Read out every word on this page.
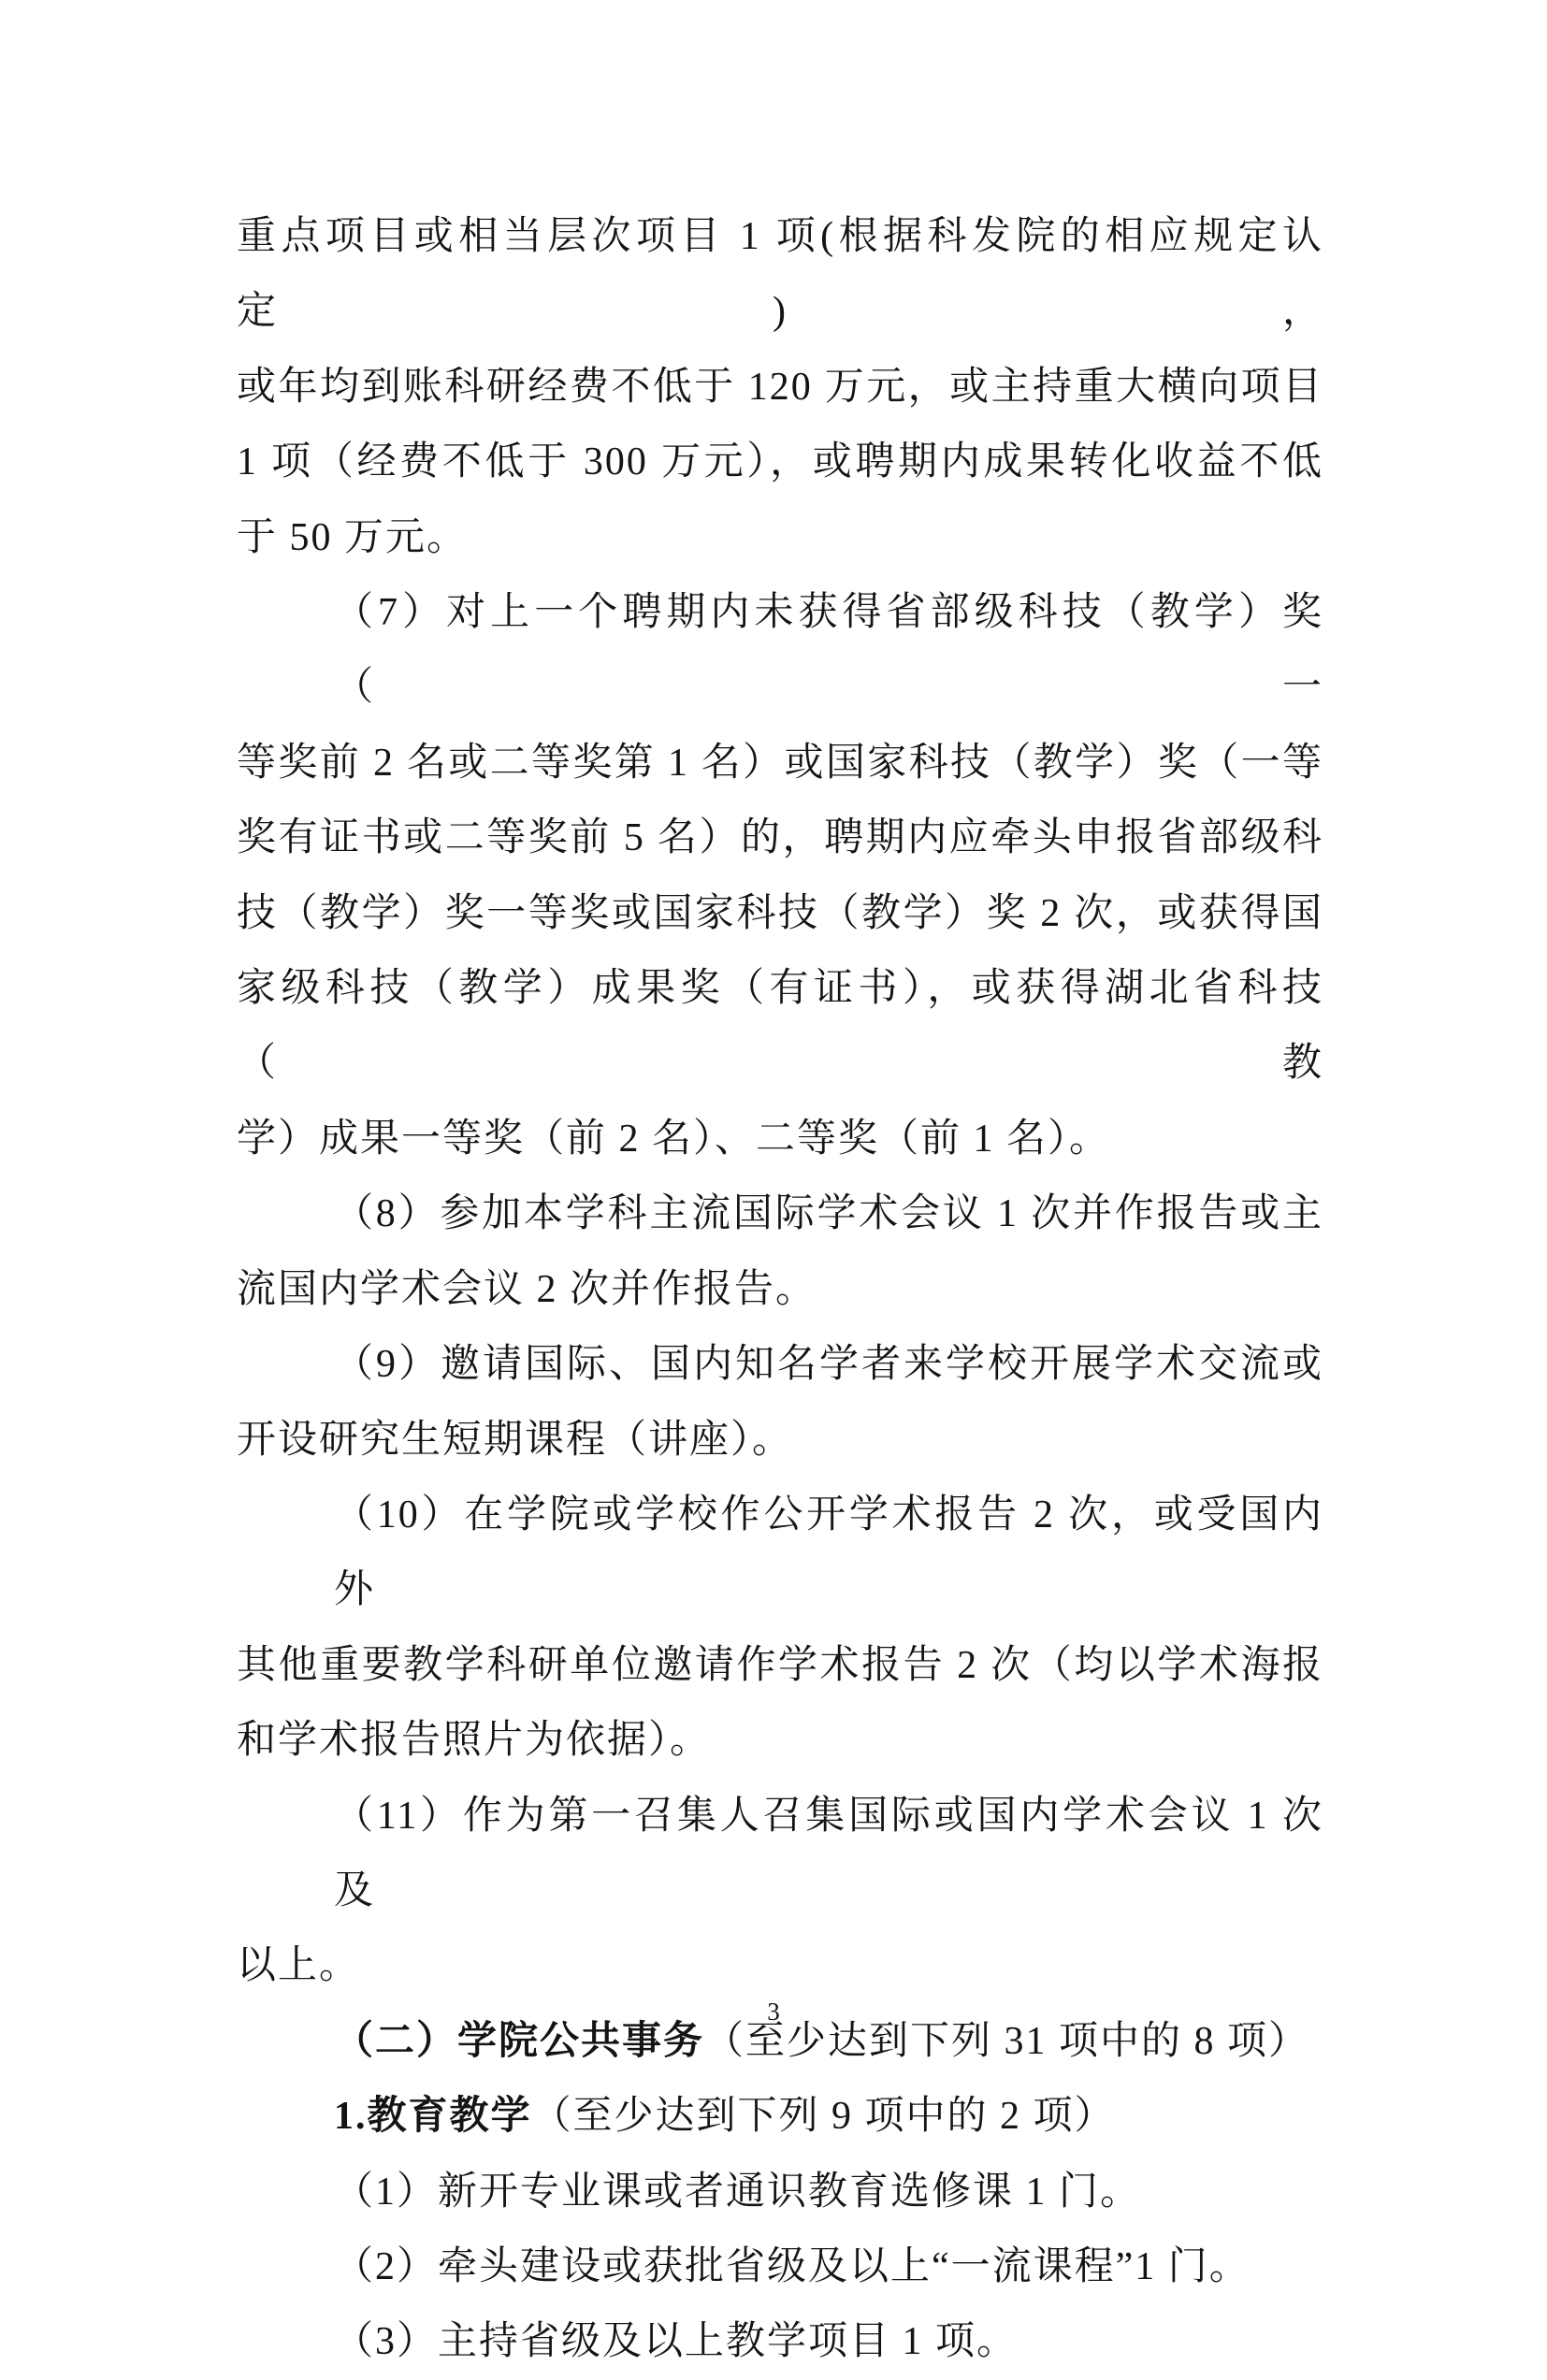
重点项目或相当层次项目 1 项(根据科发院的相应规定认定)，
或年均到账科研经费不低于 120 万元，或主持重大横向项目
1 项（经费不低于 300 万元），或聘期内成果转化收益不低
于 50 万元。
（7）对上一个聘期内未获得省部级科技（教学）奖（一
等奖前 2 名或二等奖第 1 名）或国家科技（教学）奖（一等
奖有证书或二等奖前 5 名）的，聘期内应牵头申报省部级科
技（教学）奖一等奖或国家科技（教学）奖 2 次，或获得国
家级科技（教学）成果奖（有证书），或获得湖北省科技（教
学）成果一等奖（前 2 名）、二等奖（前 1 名）。
（8）参加本学科主流国际学术会议 1 次并作报告或主
流国内学术会议 2 次并作报告。
（9）邀请国际、国内知名学者来学校开展学术交流或
开设研究生短期课程（讲座）。
（10）在学院或学校作公开学术报告 2 次，或受国内外
其他重要教学科研单位邀请作学术报告 2 次（均以学术海报
和学术报告照片为依据）。
（11）作为第一召集人召集国际或国内学术会议 1 次及
以上。
（二）学院公共事务（至少达到下列 31 项中的 8 项）
1.教育教学（至少达到下列 9 项中的 2 项）
（1）新开专业课或者通识教育选修课 1 门。
（2）牵头建设或获批省级及以上“一流课程”1 门。
（3）主持省级及以上教学项目 1 项。
3
